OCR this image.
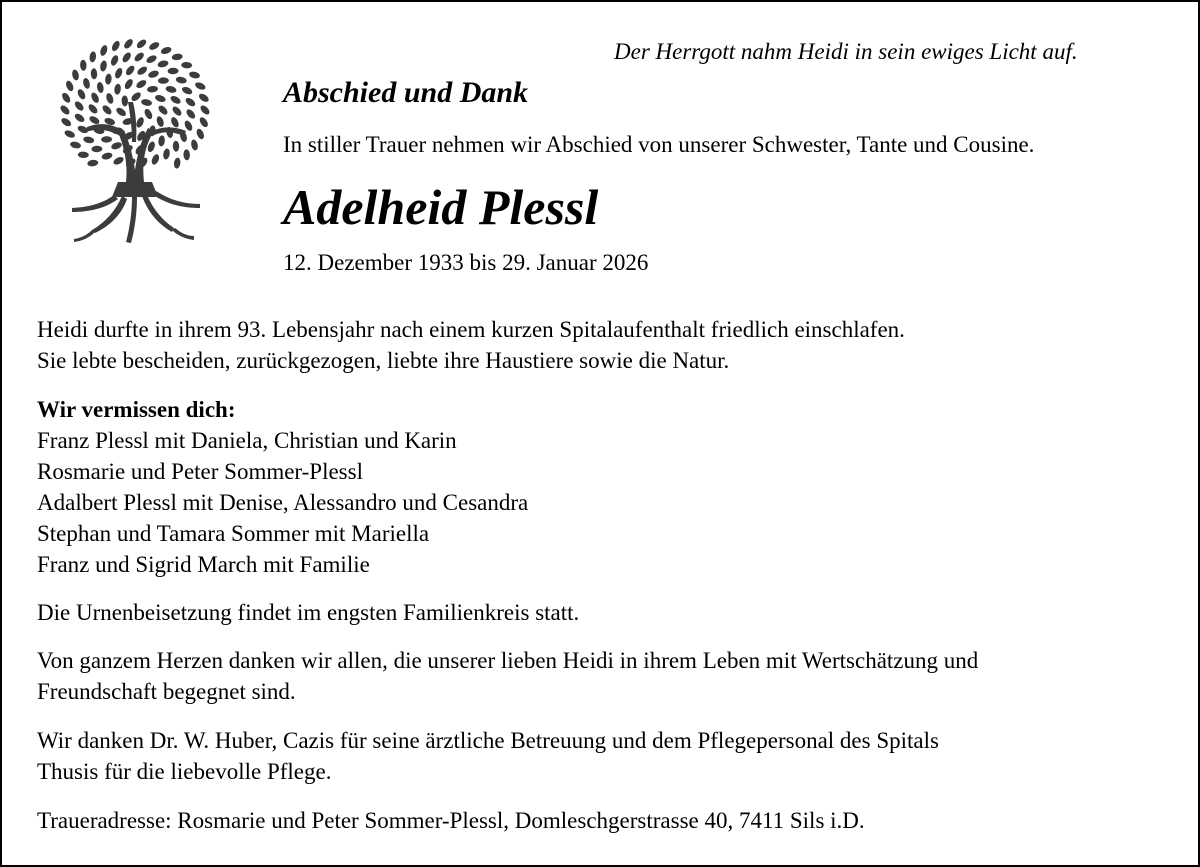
Der Herrgott nahm Heidi in sein ewiges Licht auf.
Abschied und Dank
In stiller Trauer nehmen wir Abschied von unserer Schwester, Tante und Cousine.
Adelheid Plessl
12. Dezember 1933 bis 29. Januar 2026
Heidi durfte in ihrem 93. Lebensjahr nach einem kurzen Spitalaufenthalt friedlich einschlafen.
Sie lebte bescheiden, zurückgezogen, liebte ihre Haustiere sowie die Natur.
Wir vermissen dich:
Franz Plessl mit Daniela, Christian und Karin
Rosmarie und Peter Sommer-Plessl
Adalbert Plessl mit Denise, Alessandro und Cesandra
Stephan und Tamara Sommer mit Mariella
Franz und Sigrid March mit Familie
Die Urnenbeisetzung findet im engsten Familienkreis statt.
Von ganzem Herzen danken wir allen, die unserer lieben Heidi in ihrem Leben mit Wertschätzung und
Freundschaft begegnet sind.
Wir danken Dr. W. Huber, Cazis für seine ärztliche Betreuung und dem Pflegepersonal des Spitals
Thusis für die liebevolle Pflege.
Traueradresse: Rosmarie und Peter Sommer-Plessl, Domleschgerstrasse 40, 7411 Sils i.D.
